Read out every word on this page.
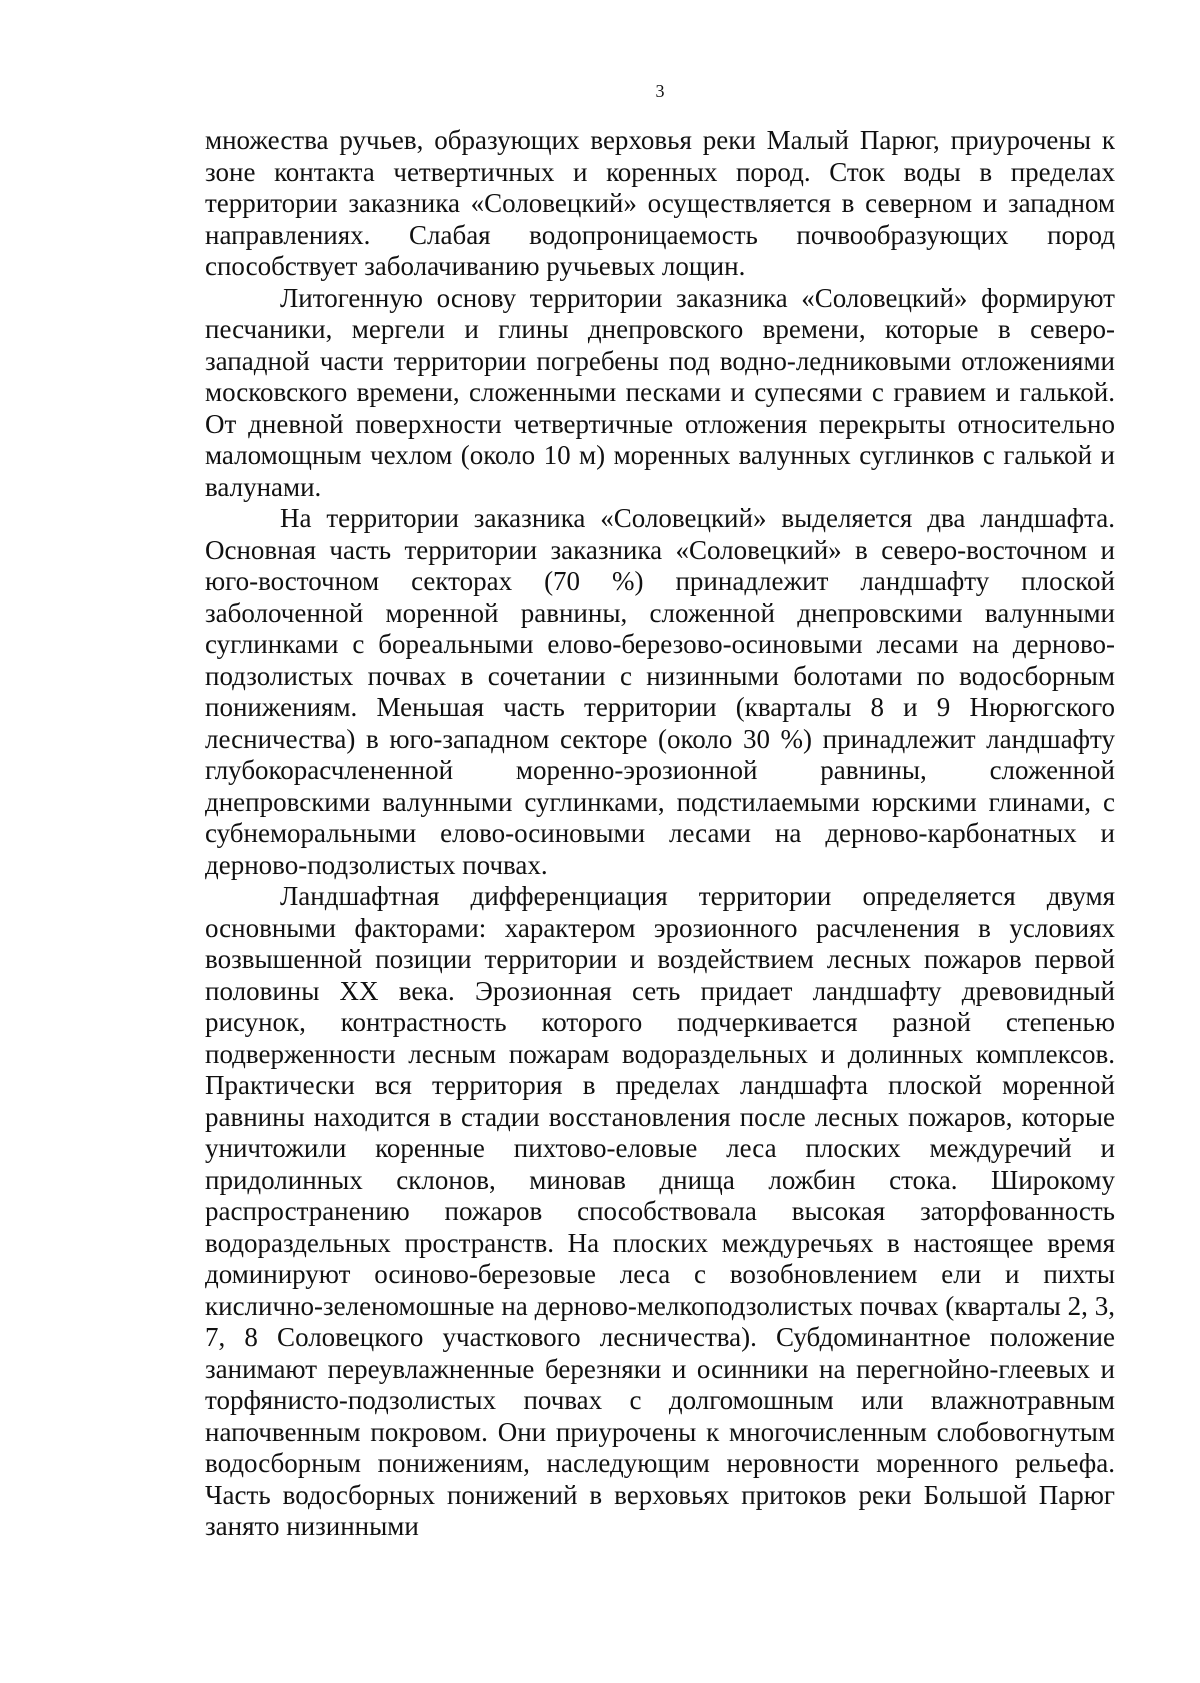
3

множества ручьев, образующих верховья реки Малый Парюг, приурочены к зоне контакта четвертичных и коренных пород. Сток воды в пределах территории заказника «Соловецкий» осуществляется в северном и западном направлениях. Слабая водопроницаемость почвообразующих пород способствует заболачиванию ручьевых лощин.

Литогенную основу территории заказника «Соловецкий» формируют песчаники, мергели и глины днепровского времени, которые в северо-западной части территории погребены под водно-ледниковыми отложениями московского времени, сложенными песками и супесями с гравием и галькой. От дневной поверхности четвертичные отложения перекрыты относительно маломощным чехлом (около 10 м) моренных валунных суглинков с галькой и валунами.

На территории заказника «Соловецкий» выделяется два ландшафта. Основная часть территории заказника «Соловецкий» в северо-восточном и юго-восточном секторах (70 %) принадлежит ландшафту плоской заболоченной моренной равнины, сложенной днепровскими валунными суглинками с бореальными елово-березово-осиновыми лесами на дерново-подзолистых почвах в сочетании с низинными болотами по водосборным понижениям. Меньшая часть территории (кварталы 8 и 9 Нюрюгского лесничества) в юго-западном секторе (около 30 %) принадлежит ландшафту глубокорасчлененной моренно-эрозионной равнины, сложенной днепровскими валунными суглинками, подстилаемыми юрскими глинами, с субнеморальными елово-осиновыми лесами на дерново-карбонатных и дерново-подзолистых почвах.

Ландшафтная дифференциация территории определяется двумя основными факторами: характером эрозионного расчленения в условиях возвышенной позиции территории и воздействием лесных пожаров первой половины XX века. Эрозионная сеть придает ландшафту древовидный рисунок, контрастность которого подчеркивается разной степенью подверженности лесным пожарам водораздельных и долинных комплексов. Практически вся территория в пределах ландшафта плоской моренной равнины находится в стадии восстановления после лесных пожаров, которые уничтожили коренные пихтово-еловые леса плоских междуречий и придолинных склонов, миновав днища ложбин стока. Широкому распространению пожаров способствовала высокая заторфованность водораздельных пространств. На плоских междуречьях в настоящее время доминируют осиново-березовые леса с возобновлением ели и пихты кислично-зеленомошные на дерново-мелкоподзолистых почвах (кварталы 2, 3, 7, 8 Соловецкого участкового лесничества). Субдоминантное положение занимают переувлажненные березняки и осинники на перегнойно-глеевых и торфянисто-подзолистых почвах с долгомошным или влажнотравным напочвенным покровом. Они приурочены к многочисленным слобовогнутым водосборным понижениям, наследующим неровности моренного рельефа. Часть водосборных понижений в верховьях притоков реки Большой Парюг занято низинными
